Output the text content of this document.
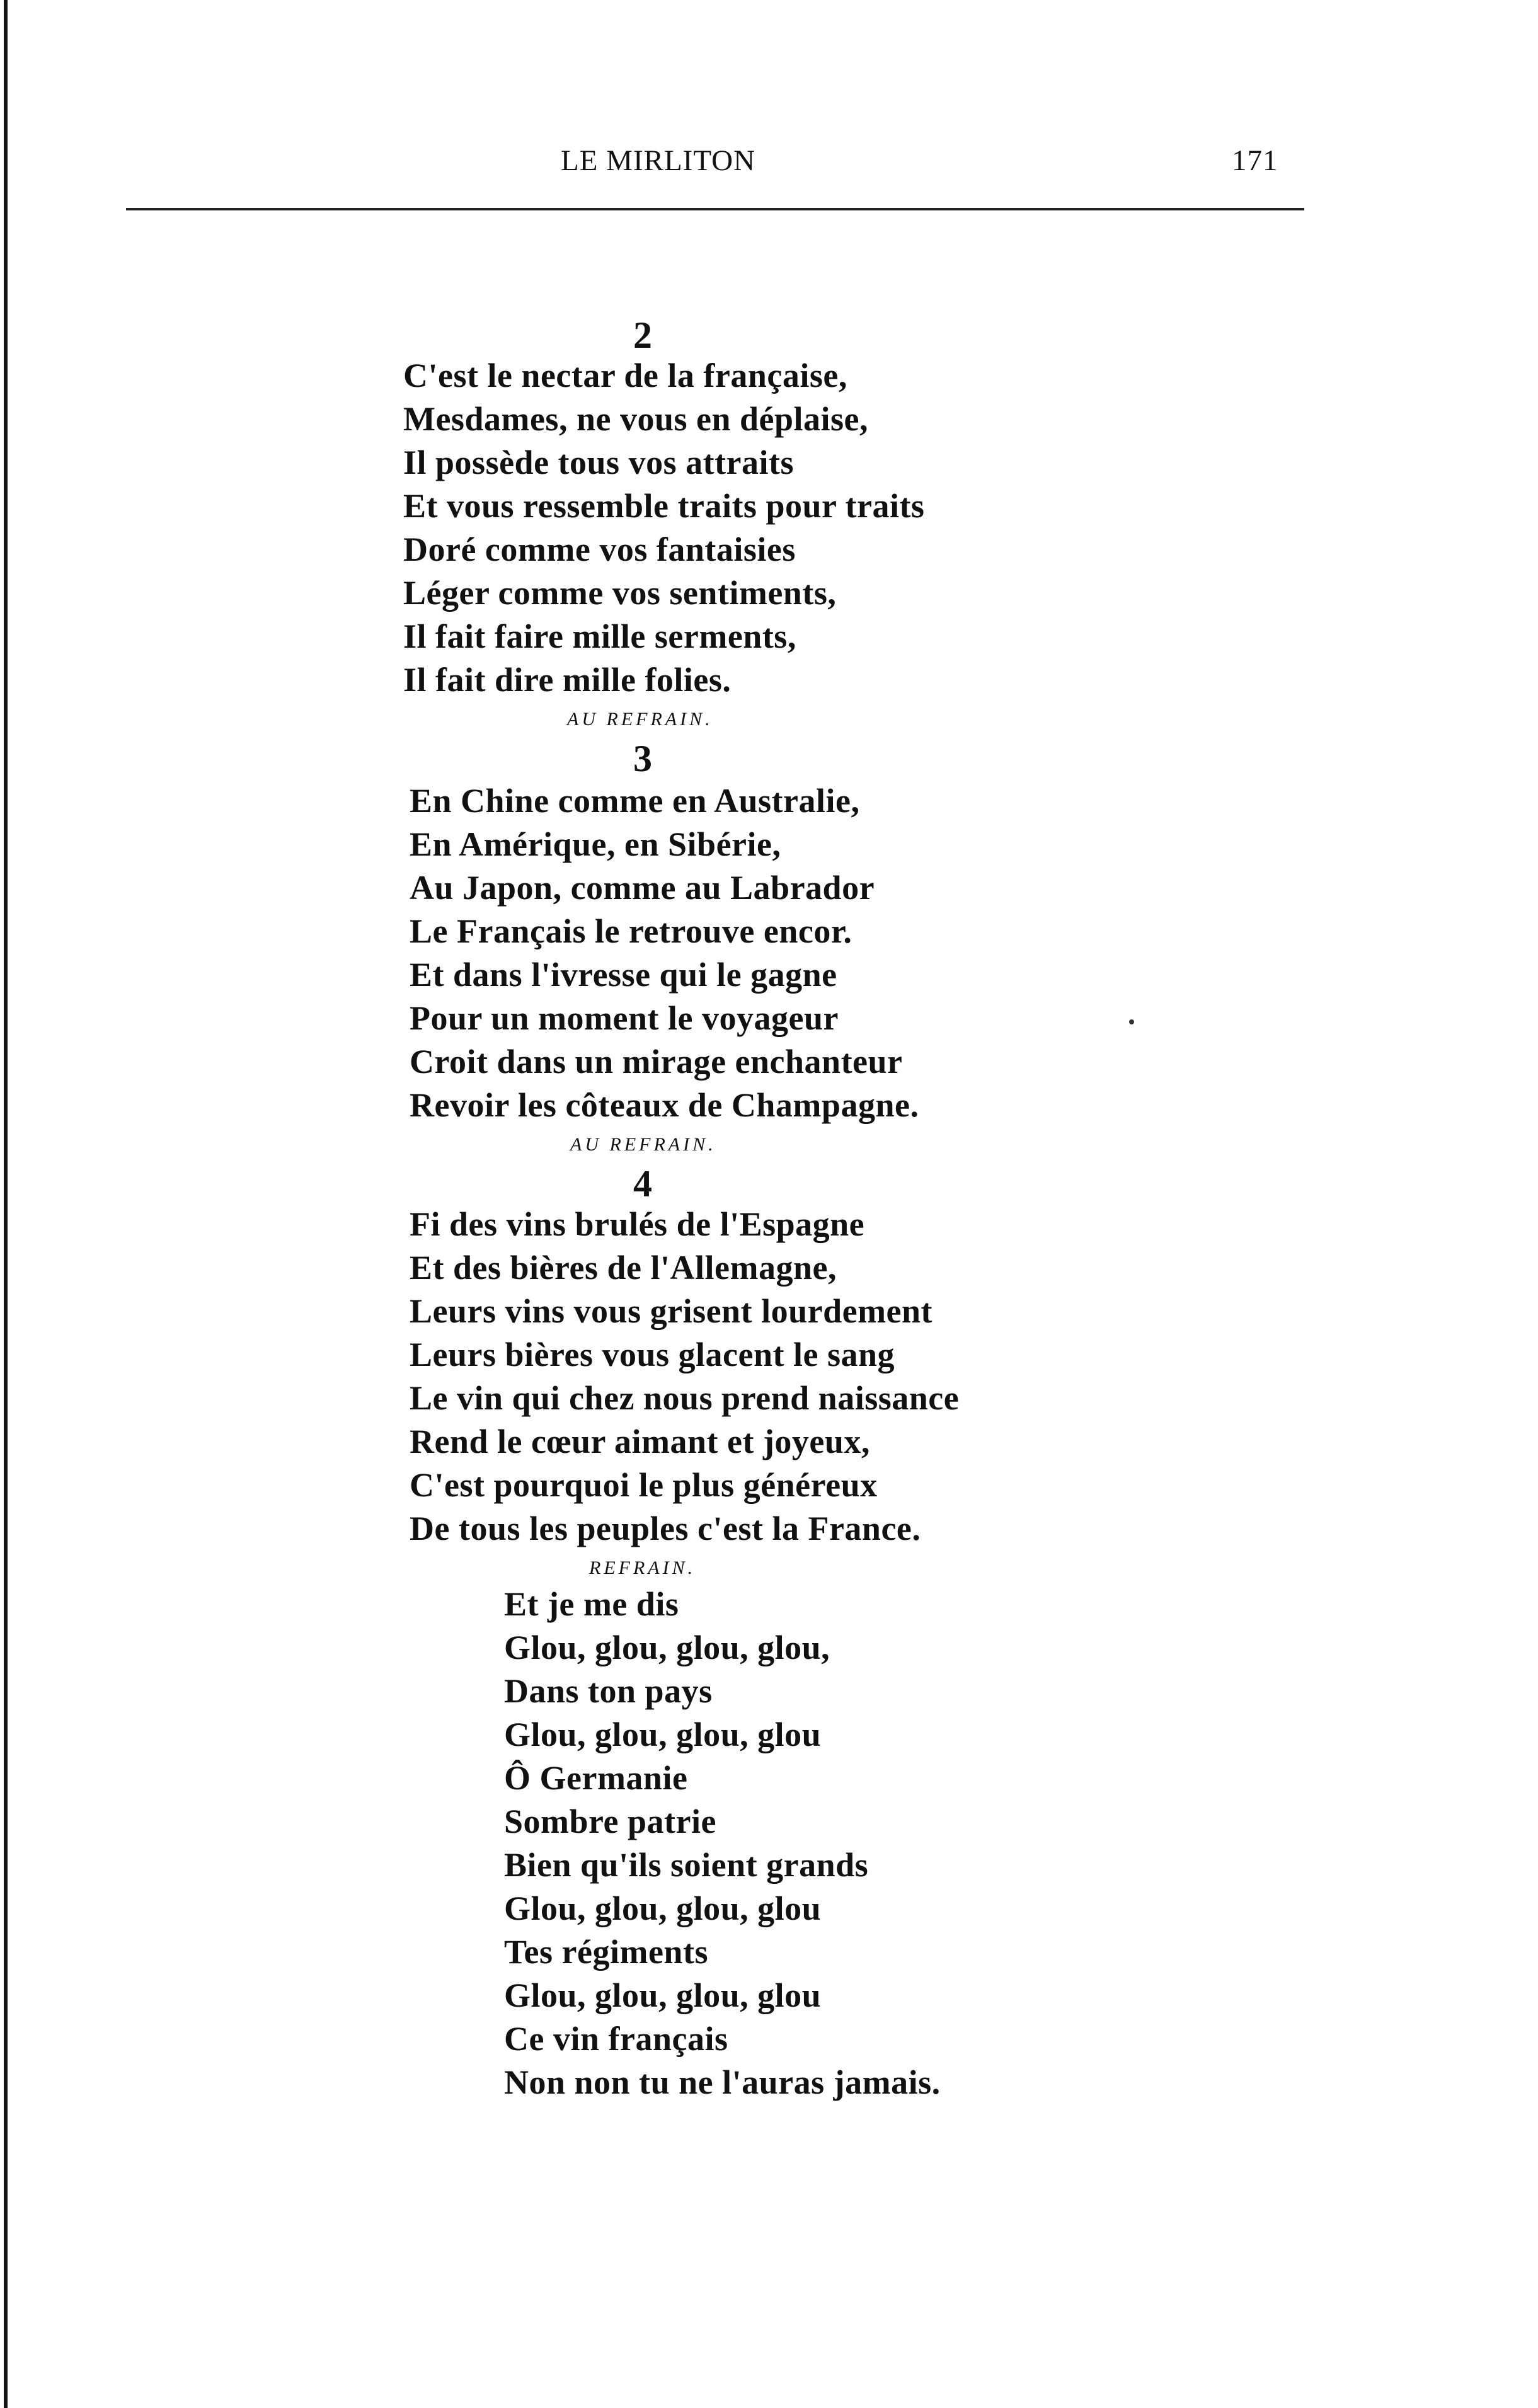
LE MIRLITON	171
2
C'est le nectar de la française,
Mesdames, ne vous en déplaise,
Il possède tous vos attraits
Et vous ressemble traits pour traits
Doré comme vos fantaisies
Léger comme vos sentiments,
Il fait faire mille serments,
Il fait dire mille folies.
AU REFRAIN.
3
En Chine comme en Australie,
En Amérique, en Sibérie,
Au Japon, comme au Labrador
Le Français le retrouve encor.
Et dans l'ivresse qui le gagne
Pour un moment le voyageur
Croit dans un mirage enchanteur
Revoir les côteaux de Champagne.
AU REFRAIN.
4
Fi des vins brulés de l'Espagne
Et des bières de l'Allemagne,
Leurs vins vous grisent lourdement
Leurs bières vous glacent le sang
Le vin qui chez nous prend naissance
Rend le cœur aimant et joyeux,
C'est pourquoi le plus généreux
De tous les peuples c'est la France.
REFRAIN.
Et je me dis
Glou, glou, glou, glou,
Dans ton pays
Glou, glou, glou, glou
Ô Germanie
Sombre patrie
Bien qu'ils soient grands
Glou, glou, glou, glou
Tes régiments
Glou, glou, glou, glou
Ce vin français
Non non tu ne l'auras jamais.
